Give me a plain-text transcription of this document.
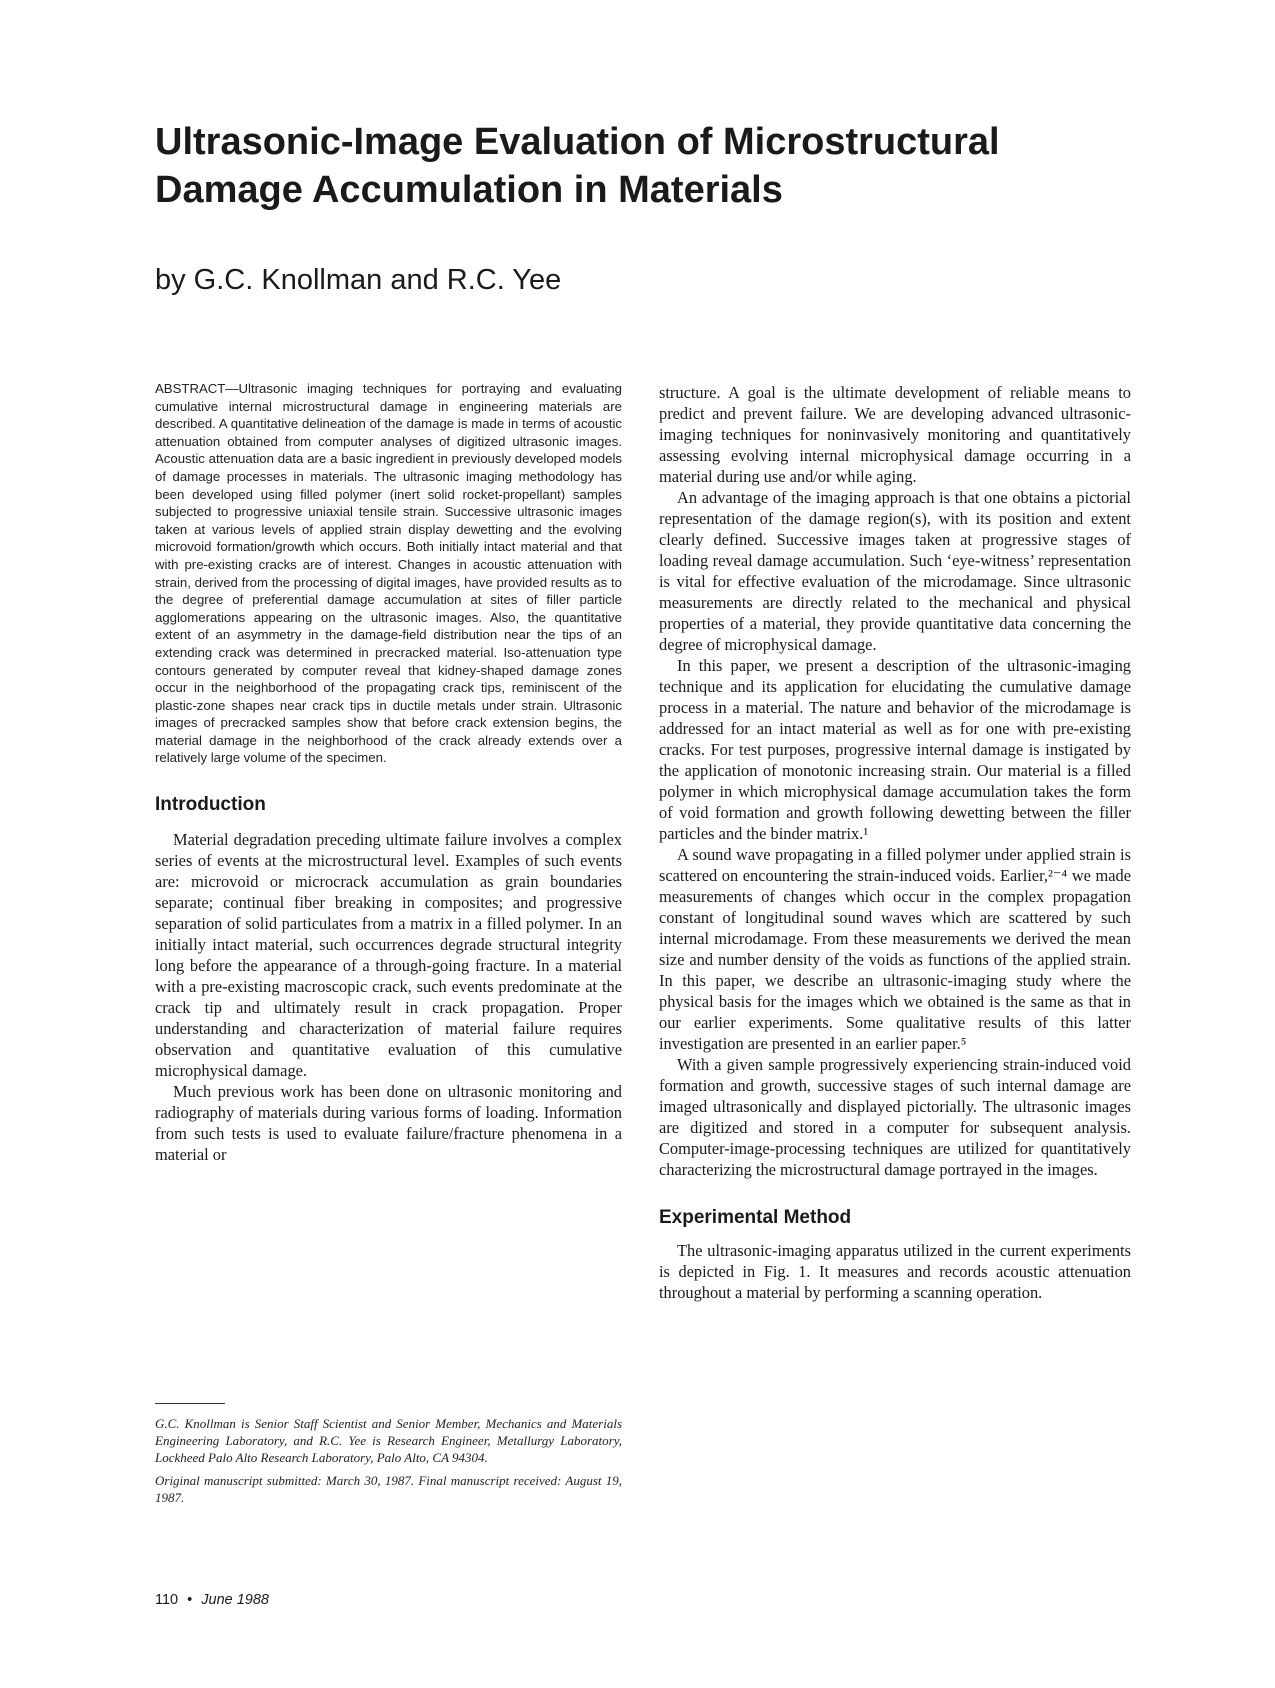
Ultrasonic-Image Evaluation of Microstructural
Damage Accumulation in Materials
by G.C. Knollman and R.C. Yee

ABSTRACT—Ultrasonic imaging techniques for portraying and evaluating cumulative internal microstructural damage in engineering materials are described. A quantitative delineation of the damage is made in terms of acoustic attenuation obtained from computer analyses of digitized ultrasonic images. Acoustic attenuation data are a basic ingredient in previously developed models of damage processes in materials. The ultrasonic imaging methodology has been developed using filled polymer (inert solid rocket-propellant) samples subjected to progressive uniaxial tensile strain. Successive ultrasonic images taken at various levels of applied strain display dewetting and the evolving microvoid formation/growth which occurs. Both initially intact material and that with pre-existing cracks are of interest. Changes in acoustic attenuation with strain, derived from the processing of digital images, have provided results as to the degree of preferential damage accumulation at sites of filler particle agglomerations appearing on the ultrasonic images. Also, the quantitative extent of an asymmetry in the damage-field distribution near the tips of an extending crack was determined in precracked material. Iso-attenuation type contours generated by computer reveal that kidney-shaped damage zones occur in the neighborhood of the propagating crack tips, reminiscent of the plastic-zone shapes near crack tips in ductile metals under strain. Ultrasonic images of precracked samples show that before crack extension begins, the material damage in the neighborhood of the crack already extends over a relatively large volume of the specimen.

Introduction

Material degradation preceding ultimate failure involves a complex series of events at the microstructural level. Examples of such events are: microvoid or microcrack accumulation as grain boundaries separate; continual fiber breaking in composites; and progressive separation of solid particulates from a matrix in a filled polymer. In an initially intact material, such occurrences degrade structural integrity long before the appearance of a through-going fracture. In a material with a pre-existing macroscopic crack, such events predominate at the crack tip and ultimately result in crack propagation. Proper understanding and characterization of material failure requires observation and quantitative evaluation of this cumulative microphysical damage.

Much previous work has been done on ultrasonic monitoring and radiography of materials during various forms of loading. Information from such tests is used to evaluate failure/fracture phenomena in a material or

structure. A goal is the ultimate development of reliable means to predict and prevent failure. We are developing advanced ultrasonic-imaging techniques for noninvasively monitoring and quantitatively assessing evolving internal microphysical damage occurring in a material during use and/or while aging.

An advantage of the imaging approach is that one obtains a pictorial representation of the damage region(s), with its position and extent clearly defined. Successive images taken at progressive stages of loading reveal damage accumulation. Such ‘eye-witness’ representation is vital for effective evaluation of the microdamage. Since ultrasonic measurements are directly related to the mechanical and physical properties of a material, they provide quantitative data concerning the degree of microphysical damage.

In this paper, we present a description of the ultrasonic-imaging technique and its application for elucidating the cumulative damage process in a material. The nature and behavior of the microdamage is addressed for an intact material as well as for one with pre-existing cracks. For test purposes, progressive internal damage is instigated by the application of monotonic increasing strain. Our material is a filled polymer in which microphysical damage accumulation takes the form of void formation and growth following dewetting between the filler particles and the binder matrix.¹

A sound wave propagating in a filled polymer under applied strain is scattered on encountering the strain-induced voids. Earlier,²⁻⁴ we made measurements of changes which occur in the complex propagation constant of longitudinal sound waves which are scattered by such internal microdamage. From these measurements we derived the mean size and number density of the voids as functions of the applied strain. In this paper, we describe an ultrasonic-imaging study where the physical basis for the images which we obtained is the same as that in our earlier experiments. Some qualitative results of this latter investigation are presented in an earlier paper.⁵

With a given sample progressively experiencing strain-induced void formation and growth, successive stages of such internal damage are imaged ultrasonically and displayed pictorially. The ultrasonic images are digitized and stored in a computer for subsequent analysis. Computer-image-processing techniques are utilized for quantitatively characterizing the microstructural damage portrayed in the images.

Experimental Method

The ultrasonic-imaging apparatus utilized in the current experiments is depicted in Fig. 1. It measures and records acoustic attenuation throughout a material by performing a scanning operation.

G.C. Knollman is Senior Staff Scientist and Senior Member, Mechanics and Materials Engineering Laboratory, and R.C. Yee is Research Engineer, Metallurgy Laboratory, Lockheed Palo Alto Research Laboratory, Palo Alto, CA 94304.

Original manuscript submitted: March 30, 1987. Final manuscript received: August 19, 1987.

110 • June 1988
